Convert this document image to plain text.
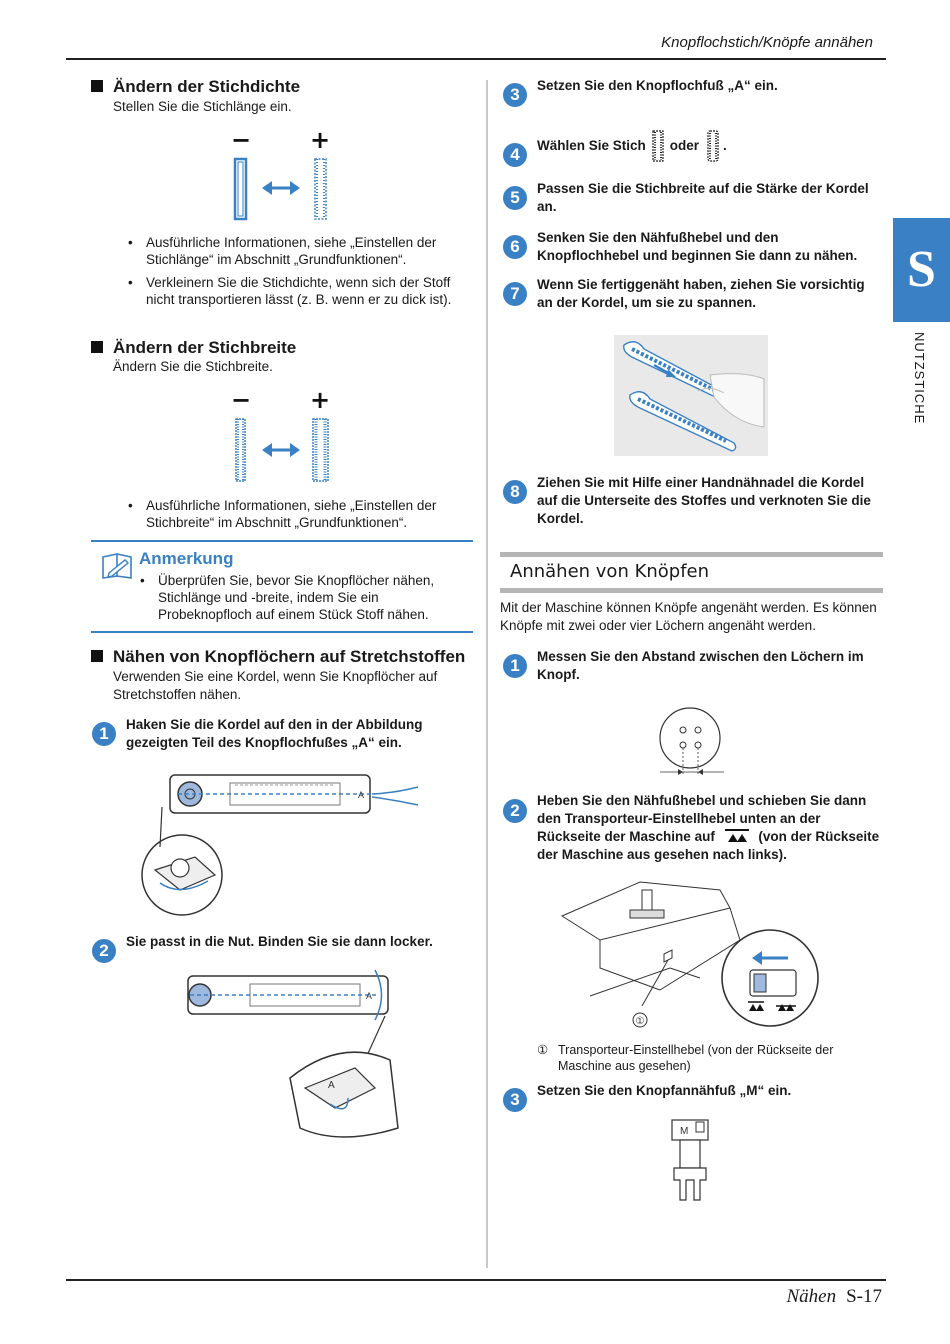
Knopflochstich/Knöpfe annähen
Nähen S-17
S
NUTZSTICHE
Ändern der Stichdichte
Stellen Sie die Stichlänge ein.
− +
• Ausführliche Informationen, siehe „Einstellen der Stichlänge“ im Abschnitt „Grundfunktionen“.
• Verkleinern Sie die Stichdichte, wenn sich der Stoff nicht transportieren lässt (z. B. wenn er zu dick ist).
Ändern der Stichbreite
Ändern Sie die Stichbreite.
− +
• Ausführliche Informationen, siehe „Einstellen der Stichbreite“ im Abschnitt „Grundfunktionen“.
Anmerkung
• Überprüfen Sie, bevor Sie Knopflöcher nähen, Stichlänge und -breite, indem Sie ein Probeknopfloch auf einem Stück Stoff nähen.
Nähen von Knopflöchern auf Stretchstoffen
Verwenden Sie eine Kordel, wenn Sie Knopflöcher auf Stretchstoffen nähen.
1	Haken Sie die Kordel auf den in der Abbildung gezeigten Teil des Knopflochfußes „A“ ein.
A
2	Sie passt in die Nut. Binden Sie sie dann locker.
A
A
3	Setzen Sie den Knopflochfuß „A“ ein.
4	Wählen Sie Stich oder .
5	Passen Sie die Stichbreite auf die Stärke der Kordel an.
6	Senken Sie den Nähfußhebel und den Knopflochhebel und beginnen Sie dann zu nähen.
7	Wenn Sie fertiggenäht haben, ziehen Sie vorsichtig an der Kordel, um sie zu spannen.
8	Ziehen Sie mit Hilfe einer Handnähnadel die Kordel auf die Unterseite des Stoffes und verknoten Sie die Kordel.
Annähen von Knöpfen
Mit der Maschine können Knöpfe angenäht werden. Es können Knöpfe mit zwei oder vier Löchern angenäht werden.
1	Messen Sie den Abstand zwischen den Löchern im Knopf.
2
Heben Sie den Nähfußhebel und schieben Sie dann den Transporteur-Einstellhebel unten an der Rückseite der Maschine auf	(von der Rückseite der Maschine aus gesehen nach links).
①
① Transporteur-Einstellhebel (von der Rückseite der Maschine aus gesehen)
3	Setzen Sie den Knopfannähfuß „M“ ein.
M
